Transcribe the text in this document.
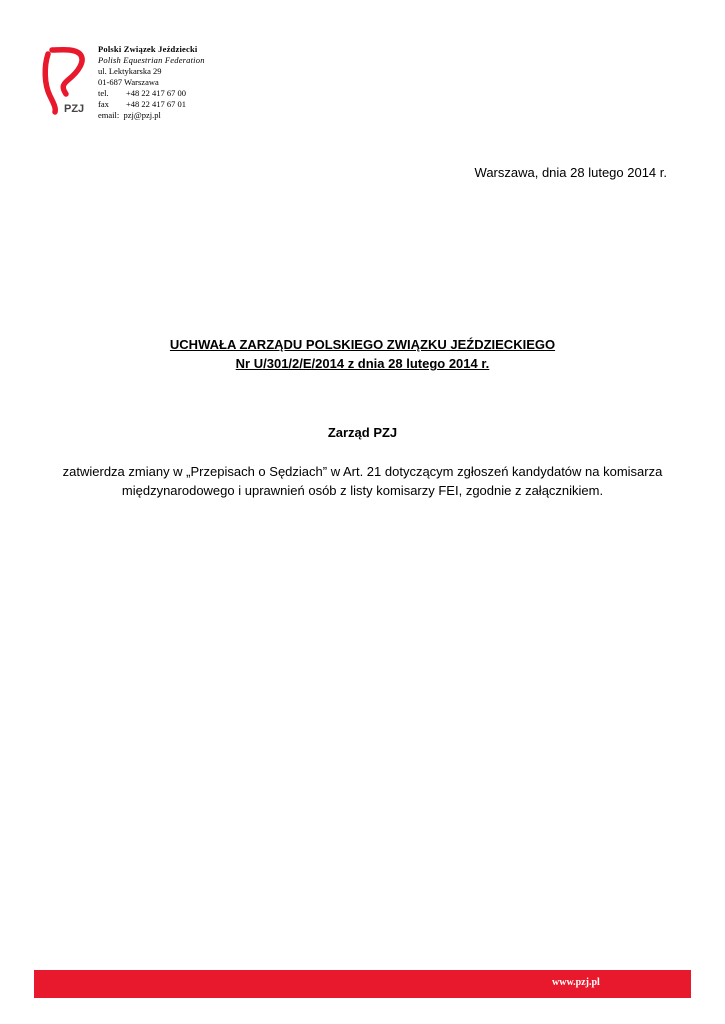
PZJ
Polski Związek Jeździecki
Polish Equestrian Federation
ul. Lektykarska 29
01-687 Warszawa
tel. +48 22 417 67 00
fax +48 22 417 67 01
email: pzj@pzj.pl
Warszawa, dnia 28 lutego 2014 r.
UCHWAŁA ZARZĄDU POLSKIEGO ZWIĄZKU JEŹDZIECKIEGO
Nr U/301/2/E/2014 z dnia 28 lutego 2014 r.
Zarząd PZJ
zatwierdza zmiany w „Przepisach o Sędziach” w Art. 21 dotyczącym zgłoszeń kandydatów na komisarza
międzynarodowego i uprawnień osób z listy komisarzy FEI, zgodnie z załącznikiem.
www.pzj.pl
